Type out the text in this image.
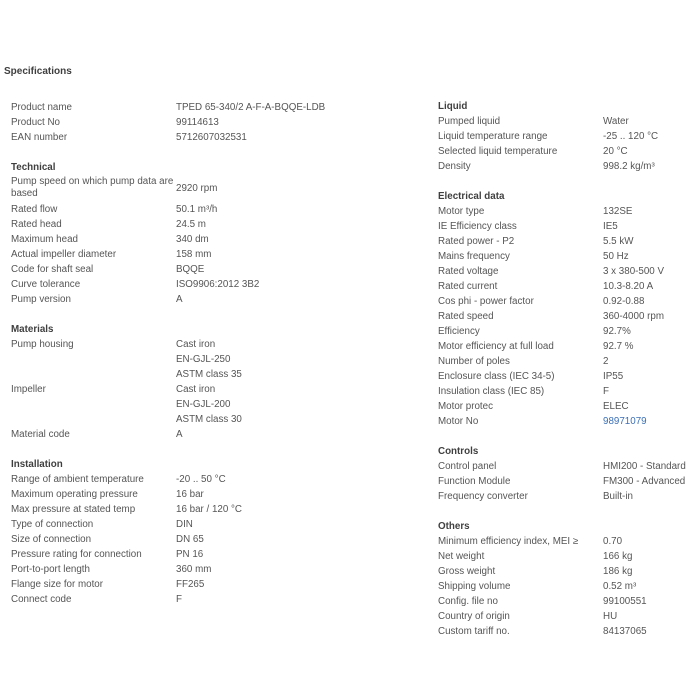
Specifications
Product name	TPED 65-340/2 A-F-A-BQQE-LDB
Product No	99114613
EAN number	5712607032531
Technical
Pump speed on which pump data are based	2920 rpm
Rated flow	50.1 m³/h
Rated head	24.5 m
Maximum head	340 dm
Actual impeller diameter	158 mm
Code for shaft seal	BQQE
Curve tolerance	ISO9906:2012 3B2
Pump version	A
Materials
Pump housing	Cast iron
EN-GJL-250
ASTM class 35
Impeller	Cast iron
EN-GJL-200
ASTM class 30
Material code	A
Installation
Range of ambient temperature	-20 .. 50 °C
Maximum operating pressure	16 bar
Max pressure at stated temp	16 bar / 120 °C
Type of connection	DIN
Size of connection	DN 65
Pressure rating for connection	PN 16
Port-to-port length	360 mm
Flange size for motor	FF265
Connect code	F
Liquid
Pumped liquid	Water
Liquid temperature range	-25 .. 120 °C
Selected liquid temperature	20 °C
Density	998.2 kg/m³
Electrical data
Motor type	132SE
IE Efficiency class	IE5
Rated power - P2	5.5 kW
Mains frequency	50 Hz
Rated voltage	3 x 380-500 V
Rated current	10.3-8.20 A
Cos phi - power factor	0.92-0.88
Rated speed	360-4000 rpm
Efficiency	92.7%
Motor efficiency at full load	92.7 %
Number of poles	2
Enclosure class (IEC 34-5)	IP55
Insulation class (IEC 85)	F
Motor protec	ELEC
Motor No	98971079
Controls
Control panel	HMI200 - Standard
Function Module	FM300 - Advanced
Frequency converter	Built-in
Others
Minimum efficiency index, MEI ≥	0.70
Net weight	166 kg
Gross weight	186 kg
Shipping volume	0.52 m³
Config. file no	99100551
Country of origin	HU
Custom tariff no.	84137065
